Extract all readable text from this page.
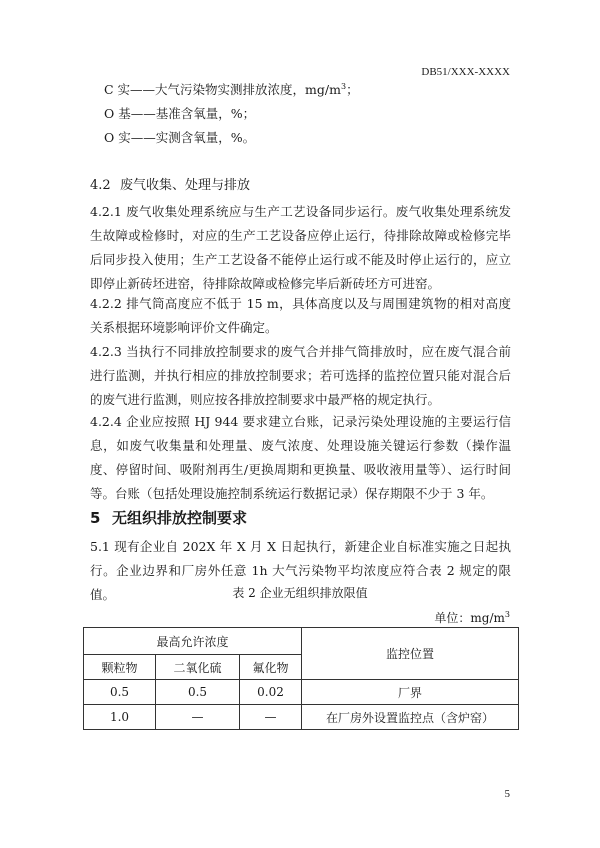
DB51/XXX-XXXX
C 实——大气污染物实测排放浓度，$mg/m^3$；
O 基——基准含氧量，%；
O 实——实测含氧量，%。
4.2 废气收集、处理与排放
4.2.1 废气收集处理系统应与生产工艺设备同步运行。废气收集处理系统发生故障或检修时，对应的生产工艺设备应停止运行，待排除故障或检修完毕后同步投入使用；生产工艺设备不能停止运行或不能及时停止运行的，应立即停止新砖坯进窑，待排除故障或检修完毕后新砖坯方可进窑。
4.2.2 排气筒高度应不低于 15 m，具体高度以及与周围建筑物的相对高度关系根据环境影响评价文件确定。
4.2.3 当执行不同排放控制要求的废气合并排气筒排放时，应在废气混合前进行监测，并执行相应的排放控制要求；若可选择的监控位置只能对混合后的废气进行监测，则应按各排放控制要求中最严格的规定执行。
4.2.4 企业应按照 HJ 944 要求建立台账，记录污染处理设施的主要运行信息，如废气收集量和处理量、废气浓度、处理设施关键运行参数（操作温度、停留时间、吸附剂再生/更换周期和更换量、吸收液用量等）、运行时间等。台账（包括处理设施控制系统运行数据记录）保存期限不少于 3 年。
5 无组织排放控制要求
5.1 现有企业自 202X 年 X 月 X 日起执行，新建企业自标准实施之日起执行。企业边界和厂房外任意 1h 大气污染物平均浓度应符合表 2 规定的限值。	表 2 企业无组织排放限值
单位：$mg/m^3$
最高允许浓度			监控位置
颗粒物	二氧化硫	氟化物	
0.5	0.5	0.02	厂界
1.0	—	—	在厂房外设置监控点（含炉窑）
5
